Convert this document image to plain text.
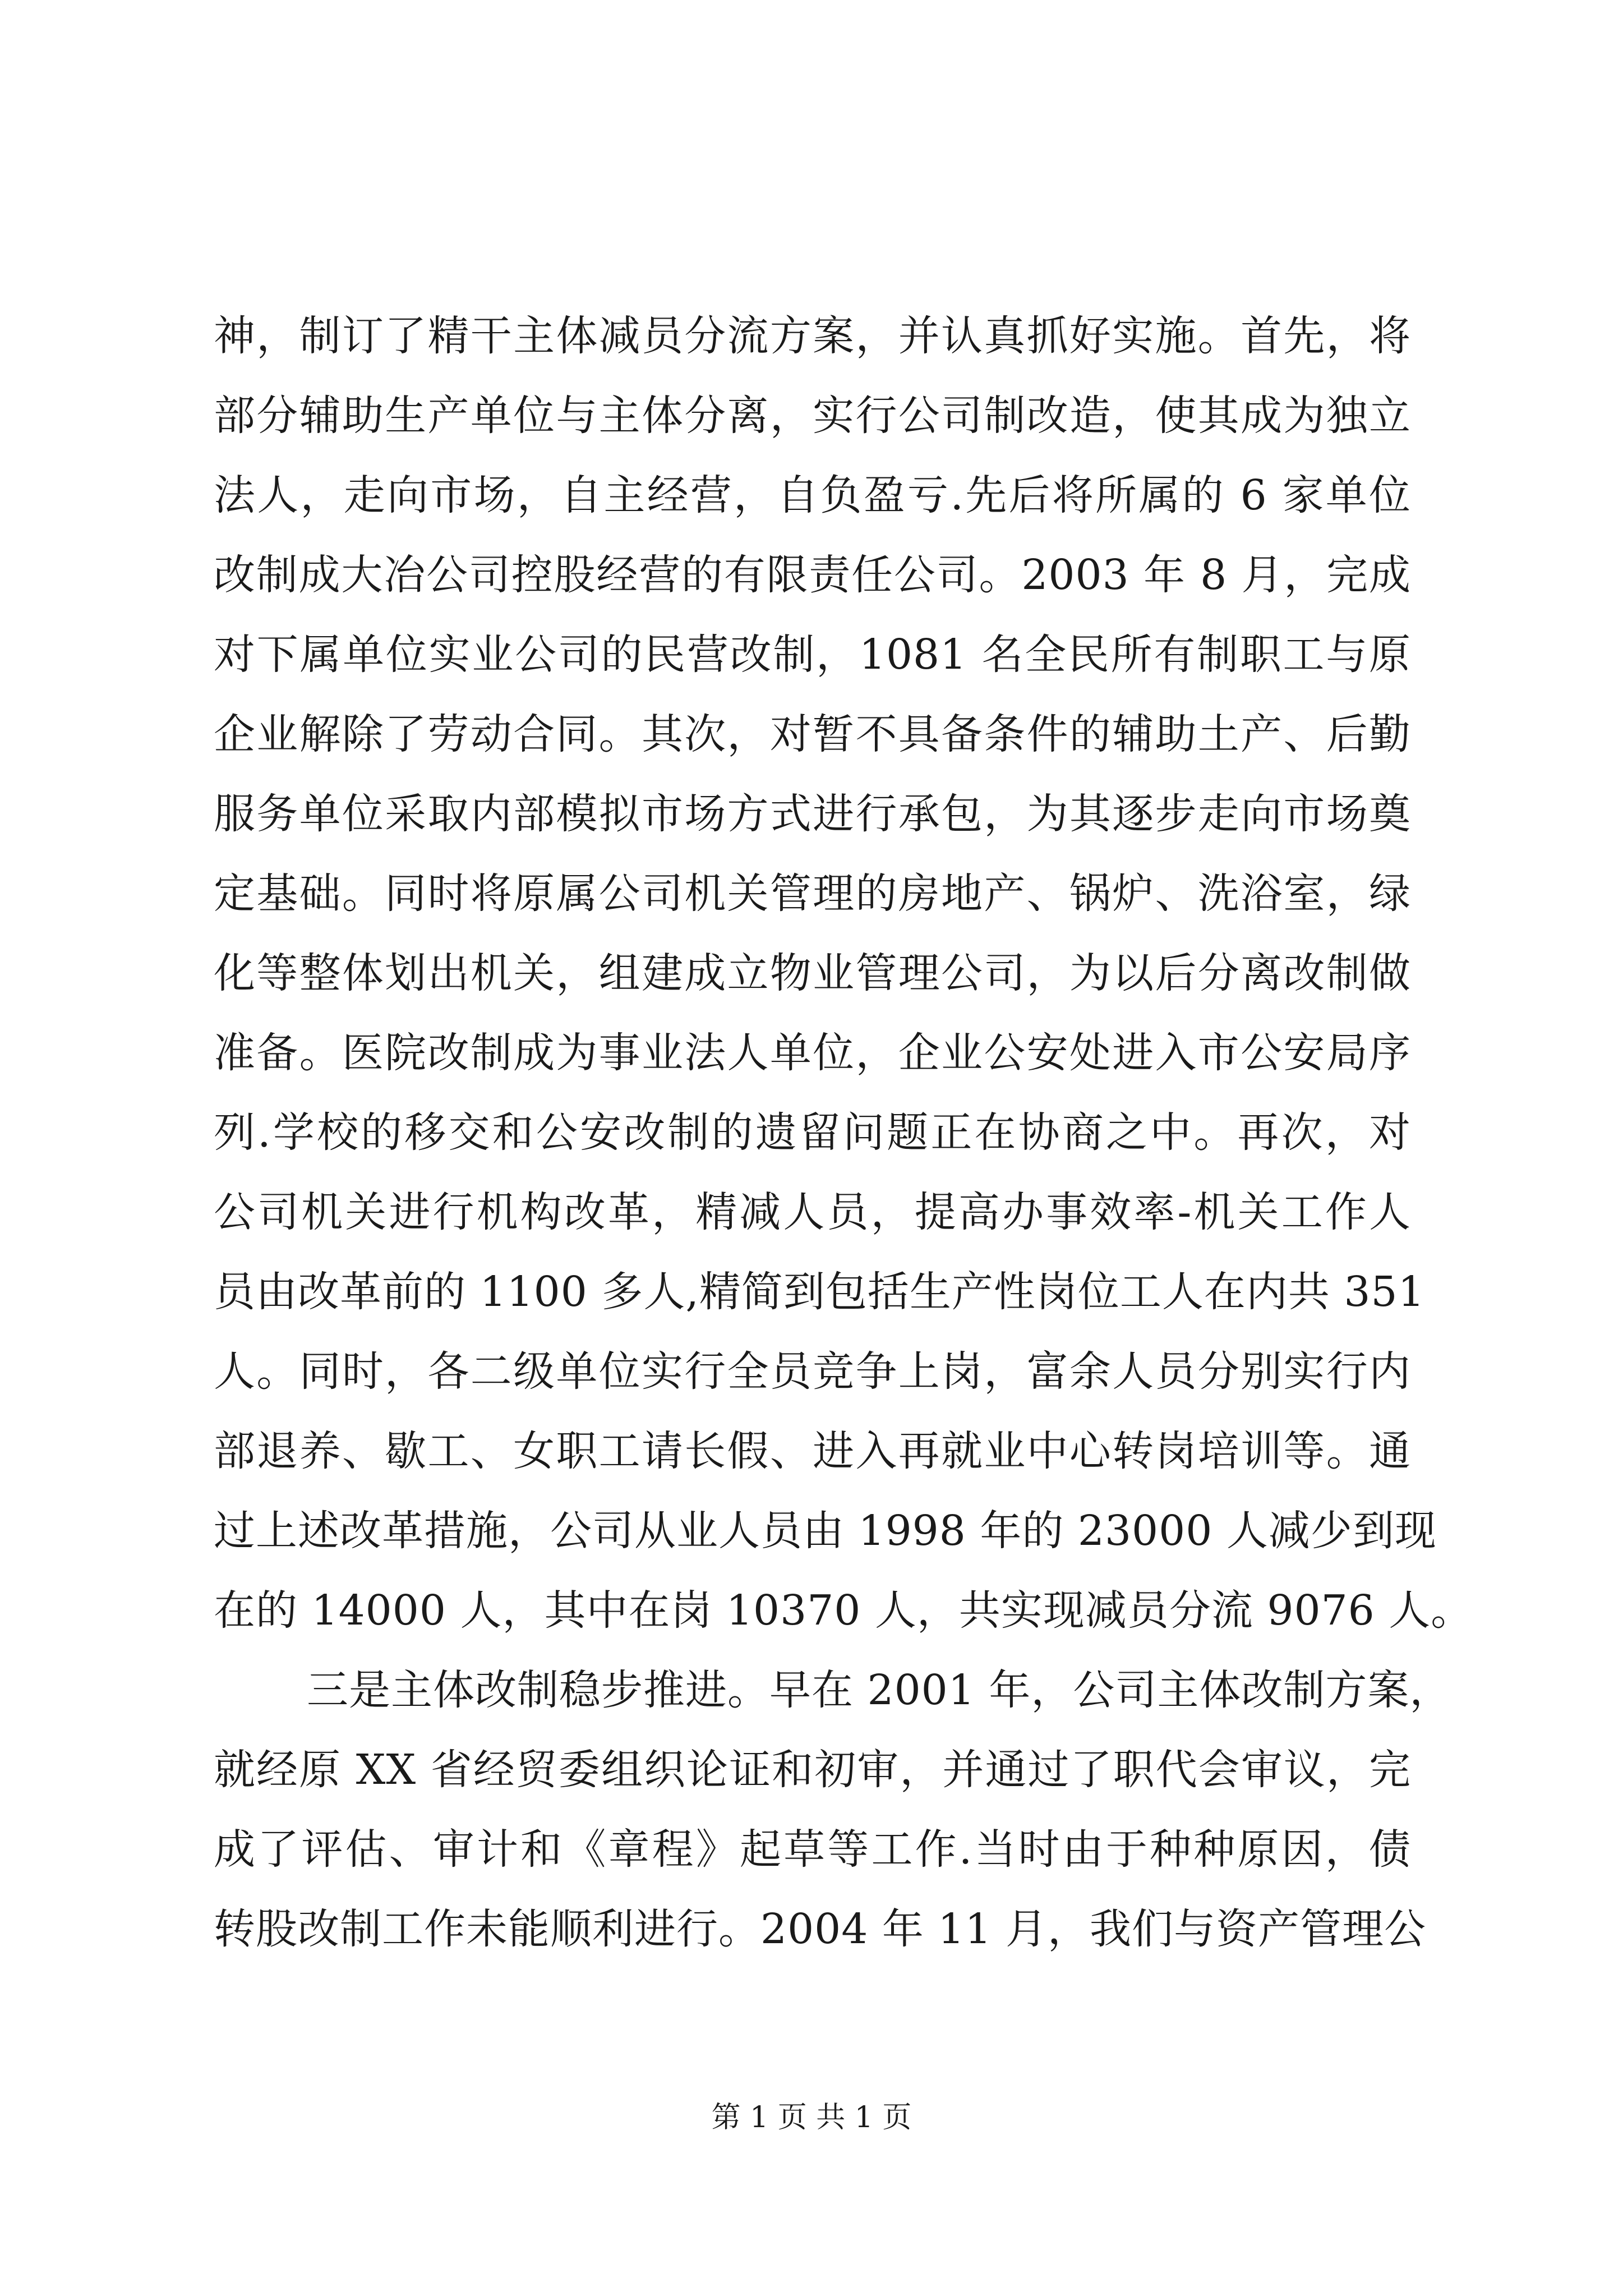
神，制订了精干主体减员分流方案，并认真抓好实施。首先，将
部分辅助生产单位与主体分离，实行公司制改造，使其成为独立
法人，走向市场，自主经营，自负盈亏.先后将所属的 6 家单位
改制成大冶公司控股经营的有限责任公司。2003 年 8 月，完成
对下属单位实业公司的民营改制，1081 名全民所有制职工与原
企业解除了劳动合同。其次，对暂不具备条件的辅助土产、后勤
服务单位采取内部模拟市场方式进行承包，为其逐步走向市场奠
定基础。同时将原属公司机关管理的房地产、锅炉、洗浴室，绿
化等整体划出机关，组建成立物业管理公司，为以后分离改制做
准备。医院改制成为事业法人单位，企业公安处进入市公安局序
列.学校的移交和公安改制的遗留问题正在协商之中。再次，对
公司机关进行机构改革，精减人员，提高办事效率-机关工作人
员由改革前的 1100 多人,精简到包括生产性岗位工人在内共 351
人。同时，各二级单位实行全员竞争上岗，富余人员分别实行内
部退养、歇工、女职工请长假、进入再就业中心转岗培训等。通
过上述改革措施，公司从业人员由 1998 年的 23000 人减少到现
在的 14000 人，其中在岗 10370 人，共实现减员分流 9076 人。
三是主体改制稳步推进。早在 2001 年，公司主体改制方案，
就经原 XX 省经贸委组织论证和初审，并通过了职代会审议，完
成了评估、审计和《章程》起草等工作.当时由于种种原因，债
转股改制工作未能顺利进行。2004 年 11 月，我们与资产管理公
第 1 页 共 1 页
